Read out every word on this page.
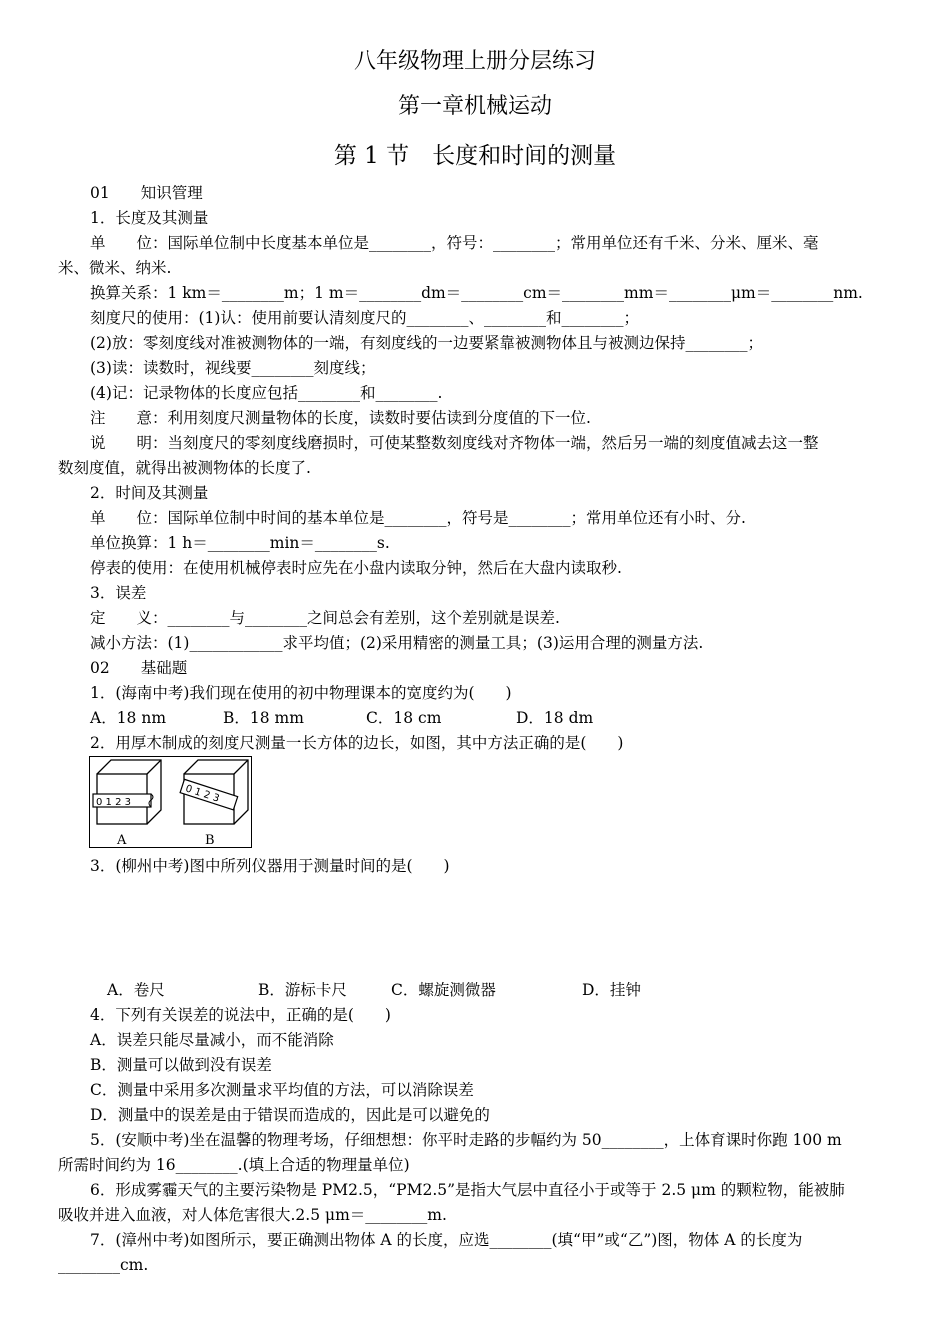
八年级物理上册分层练习
第一章机械运动
第 1 节　长度和时间的测量
01　　知识管理
1．长度及其测量
单　　位：国际单位制中长度基本单位是________，符号：________；常用单位还有千米、分米、厘米、毫
米、微米、纳米.
换算关系：1 km＝________m；1 m＝________dm＝________cm＝________mm＝________μm＝________nm.
刻度尺的使用：(1)认：使用前要认清刻度尺的________、________和________；
(2)放：零刻度线对准被测物体的一端，有刻度线的一边要紧靠被测物体且与被测边保持________；
(3)读：读数时，视线要________刻度线；
(4)记：记录物体的长度应包括________和________.
注　　意：利用刻度尺测量物体的长度，读数时要估读到分度值的下一位.
说　　明：当刻度尺的零刻度线磨损时，可使某整数刻度线对齐物体一端，然后另一端的刻度值减去这一整
数刻度值，就得出被测物体的长度了.
2．时间及其测量
单　　位：国际单位制中时间的基本单位是________，符号是________；常用单位还有小时、分.
单位换算：1 h＝________min＝________s.
停表的使用：在使用机械停表时应先在小盘内读取分钟，然后在大盘内读取秒.
3．误差
定　　义：________与________之间总会有差别，这个差别就是误差.
减小方法：(1)____________求平均值；(2)采用精密的测量工具；(3)运用合理的测量方法.
02　　基础题
1．(海南中考)我们现在使用的初中物理课本的宽度约为(　　)
A．18 nm	B．18 mm	C．18 cm	D．18 dm
2．用厚木制成的刻度尺测量一长方体的边长，如图，其中方法正确的是(　　)
0 1 2 3
A
0 1 2 3
B
3．(柳州中考)图中所列仪器用于测量时间的是(　　)
A．卷尺	B．游标卡尺	C．螺旋测微器	D．挂钟
4．下列有关误差的说法中，正确的是(　　)
A．误差只能尽量减小，而不能消除
B．测量可以做到没有误差
C．测量中采用多次测量求平均值的方法，可以消除误差
D．测量中的误差是由于错误而造成的，因此是可以避免的
5．(安顺中考)坐在温馨的物理考场，仔细想想：你平时走路的步幅约为 50________，上体育课时你跑 100 m
所需时间约为 16________.(填上合适的物理量单位)
6．形成雾霾天气的主要污染物是 PM2.5，“PM2.5”是指大气层中直径小于或等于 2.5 μm 的颗粒物，能被肺
吸收并进入血液，对人体危害很大.2.5 μm＝________m.
7．(漳州中考)如图所示，要正确测出物体 A 的长度，应选________(填“甲”或“乙”)图，物体 A 的长度为
________cm.
